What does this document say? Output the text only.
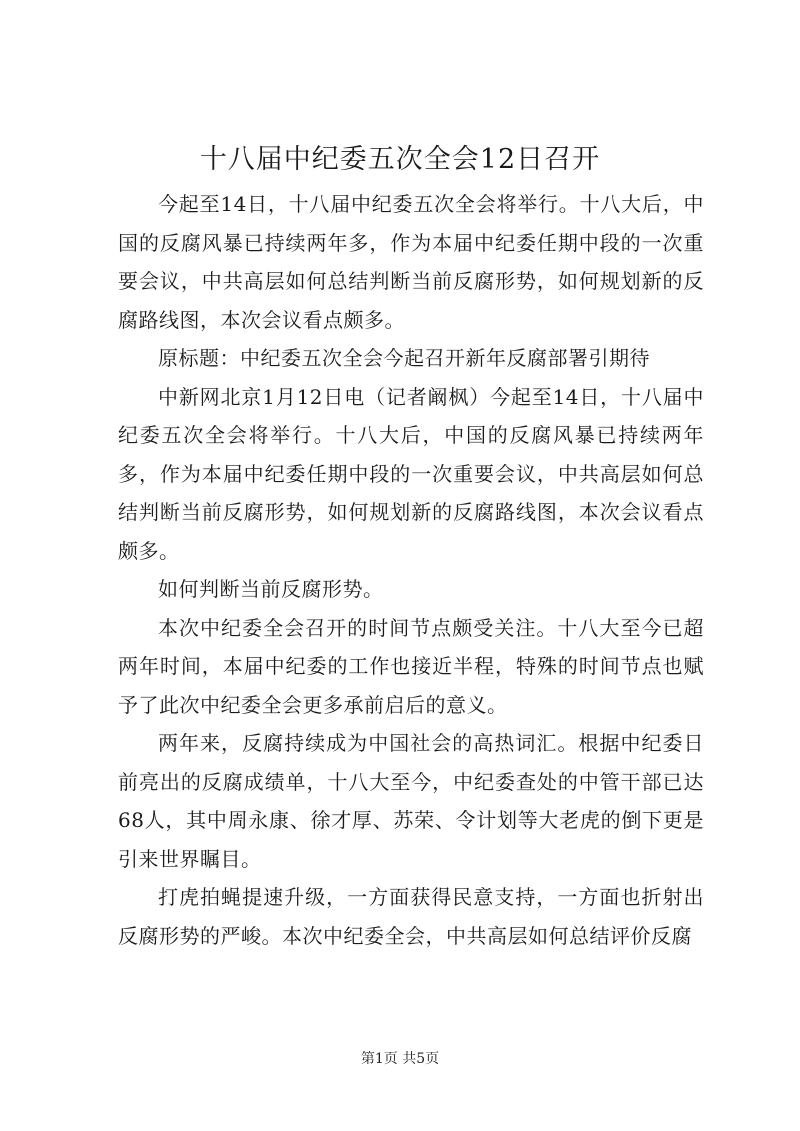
十八届中纪委五次全会12日召开

今起至14日，十八届中纪委五次全会将举行。十八大后，中国的反腐风暴已持续两年多，作为本届中纪委任期中段的一次重要会议，中共高层如何总结判断当前反腐形势，如何规划新的反腐路线图，本次会议看点颇多。

原标题：中纪委五次全会今起召开新年反腐部署引期待

中新网北京1月12日电（记者阚枫）今起至14日，十八届中纪委五次全会将举行。十八大后，中国的反腐风暴已持续两年多，作为本届中纪委任期中段的一次重要会议，中共高层如何总结判断当前反腐形势，如何规划新的反腐路线图，本次会议看点颇多。

如何判断当前反腐形势。

本次中纪委全会召开的时间节点颇受关注。十八大至今已超两年时间，本届中纪委的工作也接近半程，特殊的时间节点也赋予了此次中纪委全会更多承前启后的意义。

两年来，反腐持续成为中国社会的高热词汇。根据中纪委日前亮出的反腐成绩单，十八大至今，中纪委查处的中管干部已达68人，其中周永康、徐才厚、苏荣、令计划等大老虎的倒下更是引来世界瞩目。

打虎拍蝇提速升级，一方面获得民意支持，一方面也折射出反腐形势的严峻。本次中纪委全会，中共高层如何总结评价反腐

第1页 共5页
